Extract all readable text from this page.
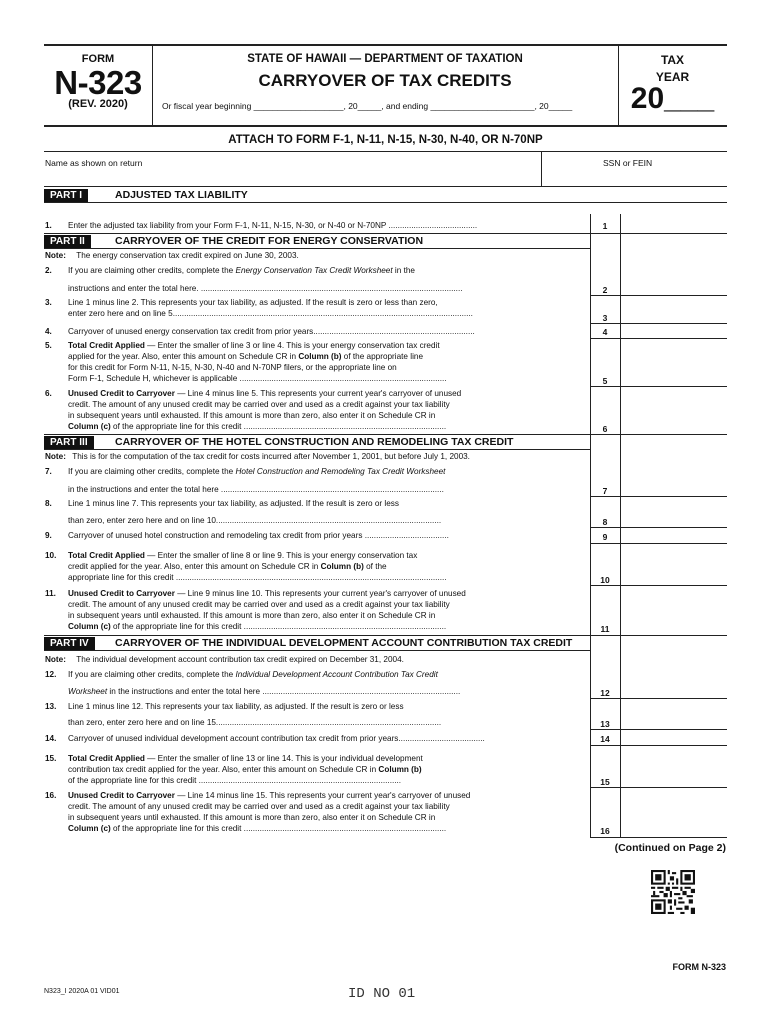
FORM
N-323
(REV. 2020)
STATE OF HAWAII — DEPARTMENT OF TAXATION
CARRYOVER OF TAX CREDITS
Or fiscal year beginning ___________________, 20_____, and ending ______________________, 20_____
TAX
YEAR
20___
ATTACH TO FORM F-1, N-11, N-15, N-30, N-40, OR N-70NP
Name as shown on return	SSN or FEIN
PART I	ADJUSTED TAX LIABILITY
1. Enter the adjusted tax liability from your Form F-1, N-11, N-15, N-30, or N-40 or N-70NP .......................................	1
PART II	CARRYOVER OF THE CREDIT FOR ENERGY CONSERVATION
Note: The energy conservation tax credit expired on June 30, 2003.
2. If you are claiming other credits, complete the Energy Conservation Tax Credit Worksheet in the
instructions and enter the total here. ...................................................................................................................	2
3. Line 1 minus line 2. This represents your tax liability, as adjusted. If the result is zero or less than zero,
enter zero here and on line 5....................................................................................................................................	3
4. Carryover of unused energy conservation tax credit from prior years.......................................................................	4
5. Total Credit Applied — Enter the smaller of line 3 or line 4. This is your energy conservation tax credit
applied for the year. Also, enter this amount on Schedule CR in Column (b) of the appropriate line
for this credit for Form N-11, N-15, N-30, N-40 and N-70NP filers, or the appropriate line on
Form F-1, Schedule H, whichever is applicable ...........................................................................................	5
6. Unused Credit to Carryover — Line 4 minus line 5. This represents your current year's carryover of unused
credit. The amount of any unused credit may be carried over and used as a credit against your tax liability
in subsequent years until exhausted. If this amount is more than zero, also enter it on Schedule CR in
Column (c) of the appropriate line for this credit .........................................................................................	6
PART III	CARRYOVER OF THE HOTEL CONSTRUCTION AND REMODELING TAX CREDIT
Note: This is for the computation of the tax credit for costs incurred after November 1, 2001, but before July 1, 2003.
7. If you are claiming other credits, complete the Hotel Construction and Remodeling Tax Credit Worksheet
in the instructions and enter the total here ..................................................................................................	7
8. Line 1 minus line 7. This represents your tax liability, as adjusted. If the result is zero or less
than zero, enter zero here and on line 10...................................................................................................	8
9. Carryover of unused hotel construction and remodeling tax credit from prior years .....................................	9
10. Total Credit Applied — Enter the smaller of line 8 or line 9. This is your energy conservation tax
credit applied for the year. Also, enter this amount on Schedule CR in Column (b) of the
appropriate line for this credit .......................................................................................................................	10
11. Unused Credit to Carryover — Line 9 minus line 10. This represents your current year's carryover of unused
credit. The amount of any unused credit may be carried over and used as a credit against your tax liability
in subsequent years until exhausted. If this amount is more than zero, also enter it on Schedule CR in
Column (c) of the appropriate line for this credit .........................................................................................	11
PART IV	CARRYOVER OF THE INDIVIDUAL DEVELOPMENT ACCOUNT CONTRIBUTION TAX CREDIT
Note: The individual development account contribution tax credit expired on December 31, 2004.
12. If you are claiming other credits, complete the Individual Development Account Contribution Tax Credit
Worksheet in the instructions and enter the total here .......................................................................................	12
13. Line 1 minus line 12. This represents your tax liability, as adjusted. If the result is zero or less
than zero, enter zero here and on line 15...................................................................................................	13
14. Carryover of unused individual development account contribution tax credit from prior years......................................	14
15. Total Credit Applied — Enter the smaller of line 13 or line 14. This is your individual development
contribution tax credit applied for the year. Also, enter this amount on Schedule CR in Column (b)
of the appropriate line for this credit .........................................................................................	15
16. Unused Credit to Carryover — Line 14 minus line 15. This represents your current year's carryover of unused
credit. The amount of any unused credit may be carried over and used as a credit against your tax liability
in subsequent years until exhausted. If this amount is more than zero, also enter it on Schedule CR in
Column (c) of the appropriate line for this credit .........................................................................................	16
(Continued on Page 2)
FORM N-323
N323_I 2020A 01 VID01	ID NO 01
